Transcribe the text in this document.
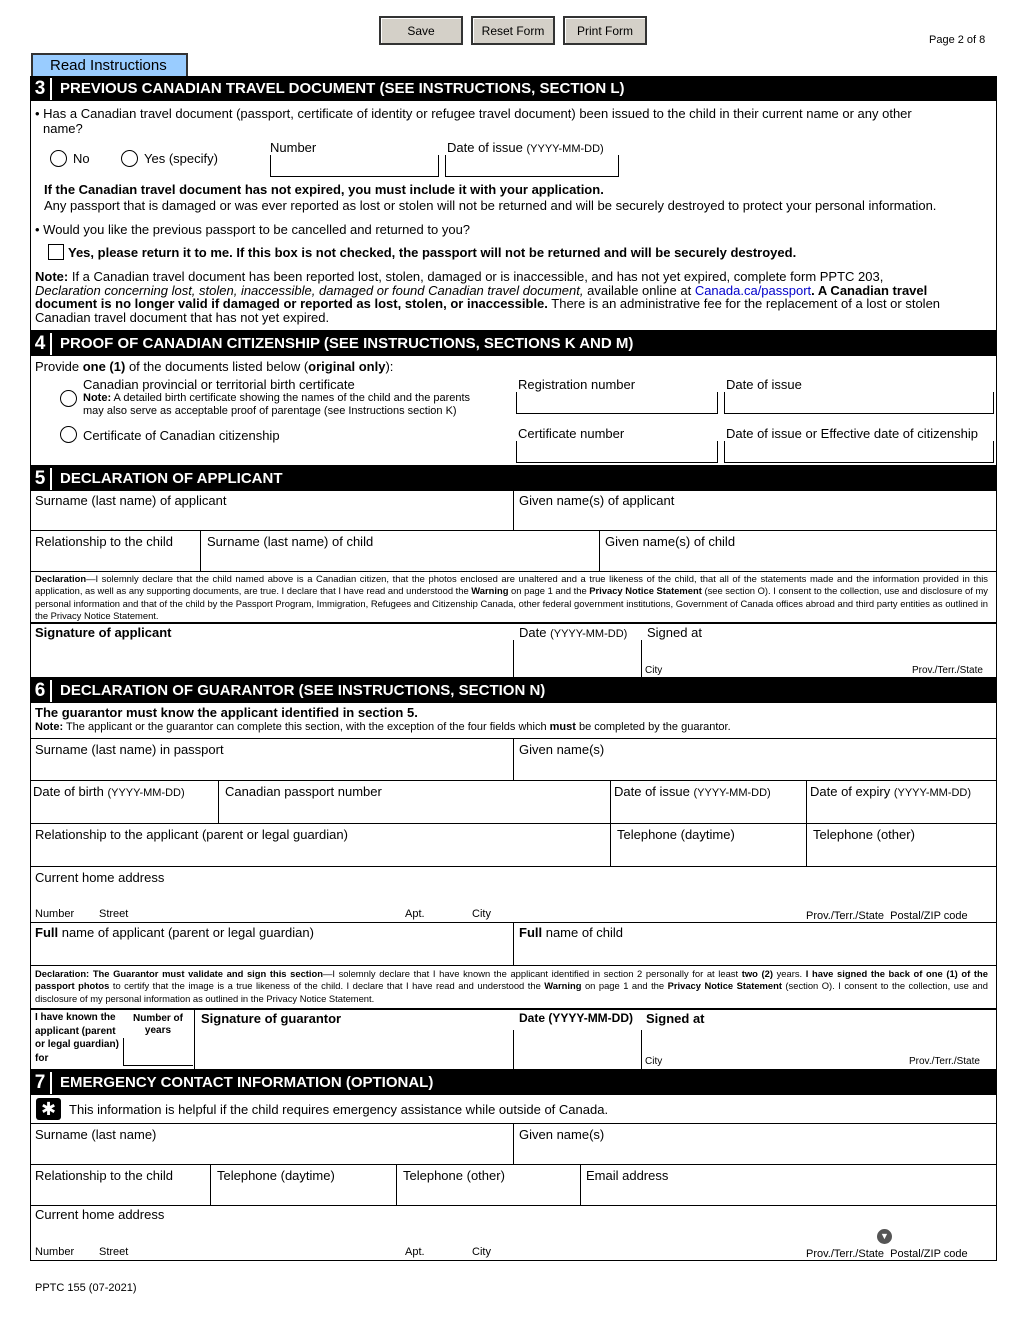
Save	Reset Form	Print Form
Page 2 of 8
Read Instructions
3 PREVIOUS CANADIAN TRAVEL DOCUMENT (SEE INSTRUCTIONS, SECTION L)
• Has a Canadian travel document (passport, certificate of identity or refugee travel document) been issued to the child in their current name or any other
name?
No	Yes (specify)
Number	Date of issue (YYYY-MM-DD)
If the Canadian travel document has not expired, you must include it with your application.
Any passport that is damaged or was ever reported as lost or stolen will not be returned and will be securely destroyed to protect your personal information.
• Would you like the previous passport to be cancelled and returned to you?
Yes, please return it to me. If this box is not checked, the passport will not be returned and will be securely destroyed.
Note: If a Canadian travel document has been reported lost, stolen, damaged or is inaccessible, and has not yet expired, complete form PPTC 203,
Declaration concerning lost, stolen, inaccessible, damaged or found Canadian travel document, available online at Canada.ca/passport. A Canadian travel
document is no longer valid if damaged or reported as lost, stolen, or inaccessible. There is an administrative fee for the replacement of a lost or stolen
Canadian travel document that has not yet expired.
4 PROOF OF CANADIAN CITIZENSHIP (SEE INSTRUCTIONS, SECTIONS K AND M)
Provide one (1) of the documents listed below (original only):
Canadian provincial or territorial birth certificate
Note: A detailed birth certificate showing the names of the child and the parents
may also serve as acceptable proof of parentage (see Instructions section K)
Registration number	Date of issue
Certificate of Canadian citizenship	Certificate number	Date of issue or Effective date of citizenship
5 DECLARATION OF APPLICANT
Surname (last name) of applicant	Given name(s) of applicant
Relationship to the child	Surname (last name) of child	Given name(s) of child
Declaration—I solemnly declare that the child named above is a Canadian citizen, that the photos enclosed are unaltered and a true likeness of the child, that all of the statements made and the information provided in this application, as well as any supporting documents, are true. I declare that I have read and understood the Warning on page 1 and the Privacy Notice Statement (see section O). I consent to the collection, use and disclosure of my personal information and that of the child by the Passport Program, Immigration, Refugees and Citizenship Canada, other federal government institutions, Government of Canada offices abroad and third party entities as outlined in the Privacy Notice Statement.
Signature of applicant	Date (YYYY-MM-DD) Signed at
City	Prov./Terr./State
6 DECLARATION OF GUARANTOR (SEE INSTRUCTIONS, SECTION N)
The guarantor must know the applicant identified in section 5.
Note: The applicant or the guarantor can complete this section, with the exception of the four fields which must be completed by the guarantor.
Surname (last name) in passport	Given name(s)
Date of birth (YYYY-MM-DD)	Canadian passport number	Date of issue (YYYY-MM-DD)	Date of expiry (YYYY-MM-DD)
Relationship to the applicant (parent or legal guardian)	Telephone (daytime)	Telephone (other)
Current home address
Number Street	Apt.	City	Prov./Terr./State  Postal/ZIP code
Full name of applicant (parent or legal guardian)	Full name of child
Declaration: The Guarantor must validate and sign this section—I solemnly declare that I have known the applicant identified in section 2 personally for at least two (2) years. I have signed the back of one (1) of the passport photos to certify that the image is a true likeness of the child. I declare that I have read and understood the Warning on page 1 and the Privacy Notice Statement (section O). I consent to the collection, use and disclosure of my personal information as outlined in the Privacy Notice Statement.
I have known the applicant (parent or legal guardian) for
Number of years
Signature of guarantor	Date (YYYY-MM-DD) Signed at
City	Prov./Terr./State
7 EMERGENCY CONTACT INFORMATION (OPTIONAL)
✱ This information is helpful if the child requires emergency assistance while outside of Canada.
Surname (last name)	Given name(s)
Relationship to the child	Telephone (daytime)	Telephone (other)	Email address
Current home address
▼
Number Street	Apt.	City	Prov./Terr./State  Postal/ZIP code
PPTC 155 (07-2021)
